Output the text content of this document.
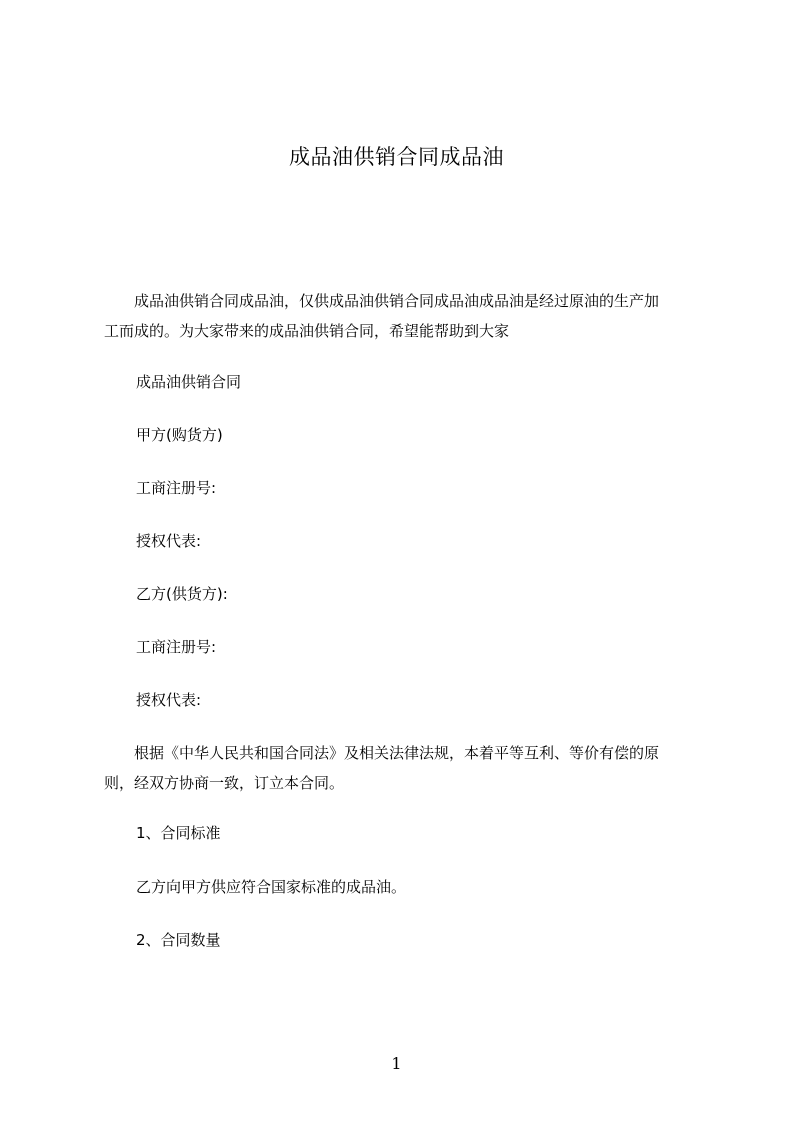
成品油供销合同成品油
　　成品油供销合同成品油，仅供成品油供销合同成品油成品油是经过原油的生产加
工而成的。为大家带来的成品油供销合同，希望能帮助到大家
成品油供销合同
甲方(购货方)
工商注册号:
授权代表:
乙方(供货方):
工商注册号:
授权代表:
　　根据《中华人民共和国合同法》及相关法律法规，本着平等互利、等价有偿的原
则，经双方协商一致，订立本合同。
1、合同标准
乙方向甲方供应符合国家标准的成品油。
2、合同数量
1
